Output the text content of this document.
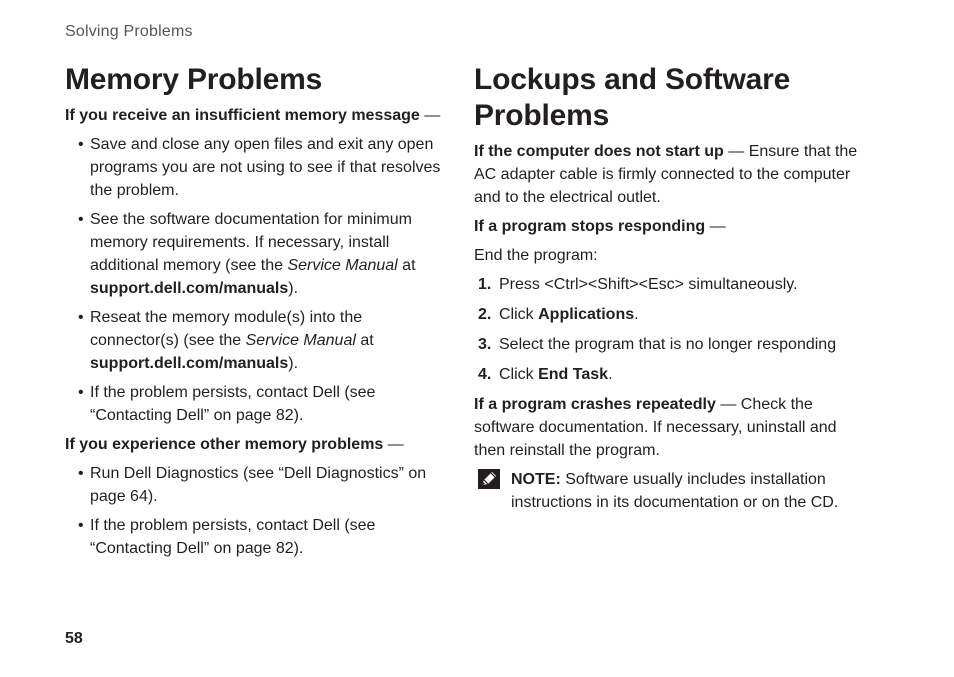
Solving Problems
Memory Problems

If you receive an insufficient memory message —

• Save and close any open files and exit any open programs you are not using to see if that resolves the problem.
• See the software documentation for minimum memory requirements. If necessary, install additional memory (see the Service Manual at support.dell.com/manuals).
• Reseat the memory module(s) into the connector(s) (see the Service Manual at support.dell.com/manuals).
• If the problem persists, contact Dell (see “Contacting Dell” on page 82).

If you experience other memory problems —

• Run Dell Diagnostics (see “Dell Diagnostics” on page 64).
• If the problem persists, contact Dell (see “Contacting Dell” on page 82).
Lockups and Software Problems

If the computer does not start up — Ensure that the AC adapter cable is firmly connected to the computer and to the electrical outlet.

If a program stops responding —

End the program:

1. Press <Ctrl><Shift><Esc> simultaneously.
2. Click Applications.
3. Select the program that is no longer responding
4. Click End Task.

If a program crashes repeatedly — Check the software documentation. If necessary, uninstall and then reinstall the program.

NOTE: Software usually includes installation instructions in its documentation or on the CD.

58
